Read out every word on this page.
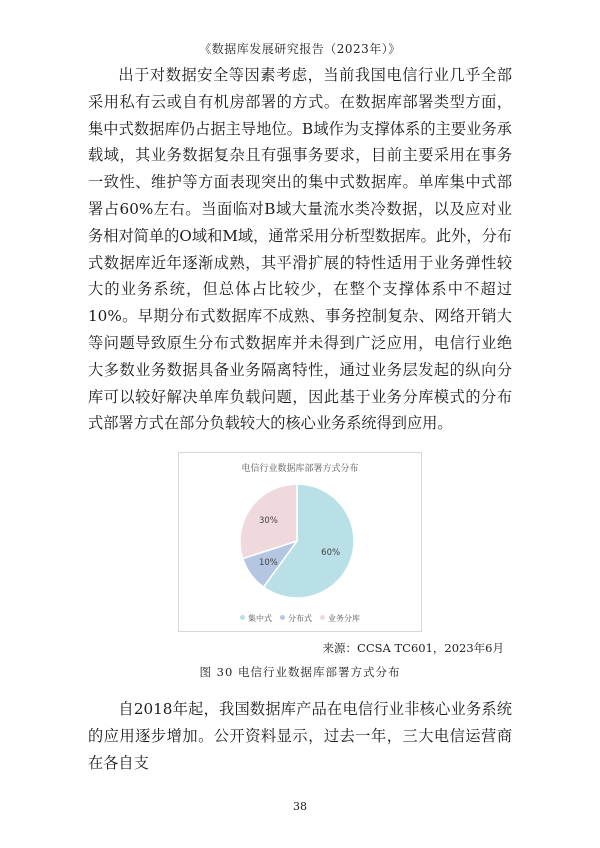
《数据库发展研究报告（2023年）》

出于对数据安全等因素考虑，当前我国电信行业几乎全部采用私有云或自有机房部署的方式。在数据库部署类型方面，集中式数据库仍占据主导地位。B域作为支撑体系的主要业务承载域，其业务数据复杂且有强事务要求，目前主要采用在事务一致性、维护等方面表现突出的集中式数据库。单库集中式部署占60%左右。当面临对B域大量流水类冷数据，以及应对业务相对简单的O域和M域，通常采用分析型数据库。此外，分布式数据库近年逐渐成熟，其平滑扩展的特性适用于业务弹性较大的业务系统，但总体占比较少，在整个支撑体系中不超过10%。早期分布式数据库不成熟、事务控制复杂、网络开销大等问题导致原生分布式数据库并未得到广泛应用，电信行业绝大多数业务数据具备业务隔离特性，通过业务层发起的纵向分库可以较好解决单库负载问题，因此基于业务分库模式的分布式部署方式在部分负载较大的核心业务系统得到应用。

电信行业数据库部署方式分布
60%
10%
30%
集中式 分布式 业务分库
来源：CCSA TC601，2023年6月
图 30 电信行业数据库部署方式分布

自2018年起，我国数据库产品在电信行业非核心业务系统的应用逐步增加。公开资料显示，过去一年，三大电信运营商在各自支

38
